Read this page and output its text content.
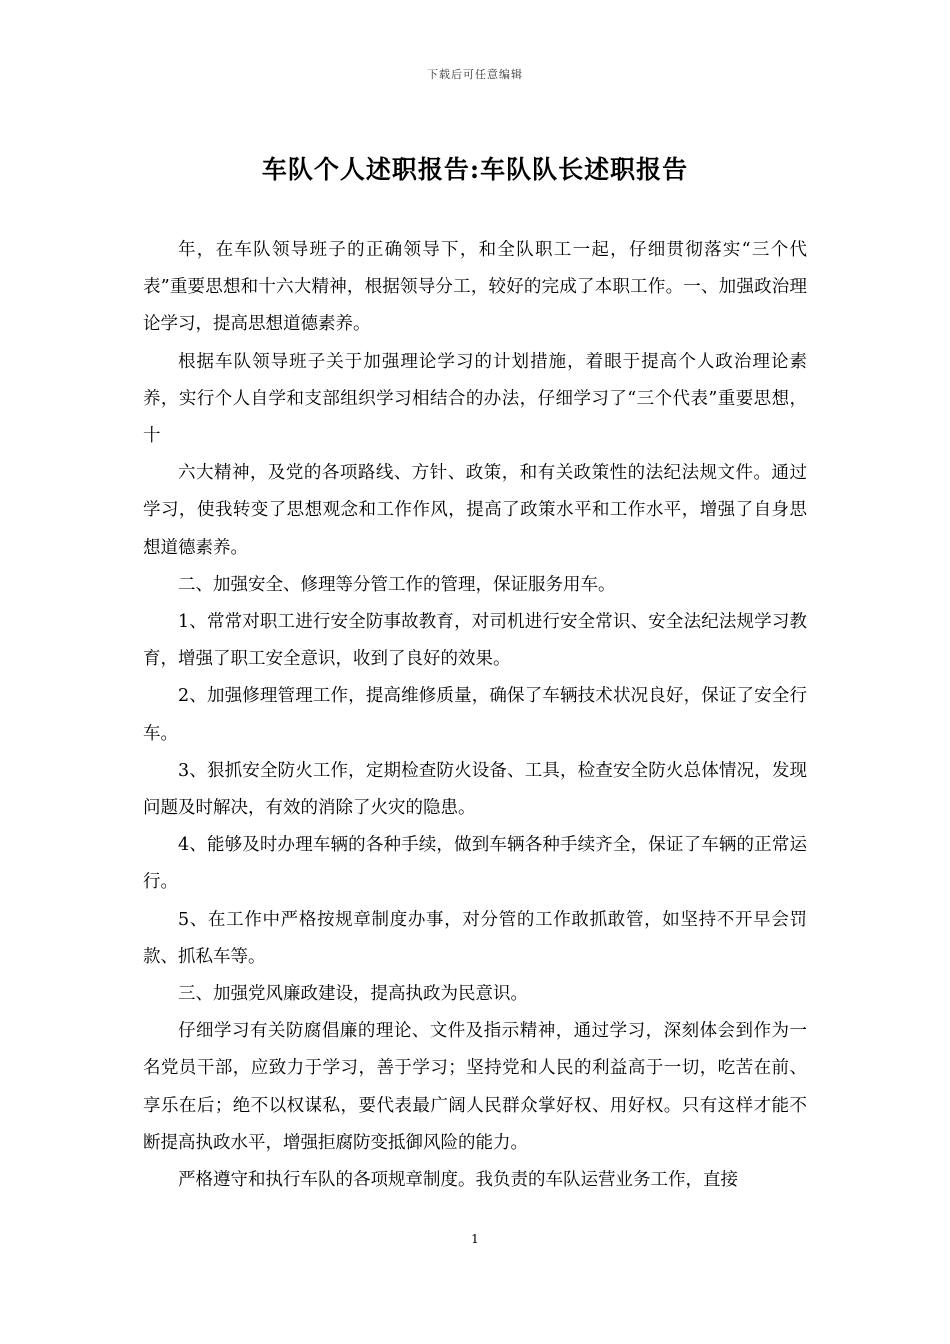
下载后可任意编辑
车队个人述职报告:车队队长述职报告

年，在车队领导班子的正确领导下，和全队职工一起，仔细贯彻落实“三个代表”重要思想和十六大精神，根据领导分工，较好的完成了本职工作。一、加强政治理论学习，提高思想道德素养。

根据车队领导班子关于加强理论学习的计划措施，着眼于提高个人政治理论素养，实行个人自学和支部组织学习相结合的办法，仔细学习了“三个代表”重要思想，十

六大精神，及党的各项路线、方针、政策，和有关政策性的法纪法规文件。通过学习，使我转变了思想观念和工作作风，提高了政策水平和工作水平，增强了自身思想道德素养。

二、加强安全、修理等分管工作的管理，保证服务用车。

1、常常对职工进行安全防事故教育，对司机进行安全常识、安全法纪法规学习教育，增强了职工安全意识，收到了良好的效果。

2、加强修理管理工作，提高维修质量，确保了车辆技术状况良好，保证了安全行车。

3、狠抓安全防火工作，定期检查防火设备、工具，检查安全防火总体情况，发现问题及时解决，有效的消除了火灾的隐患。

4、能够及时办理车辆的各种手续，做到车辆各种手续齐全，保证了车辆的正常运行。

5、在工作中严格按规章制度办事，对分管的工作敢抓敢管，如坚持不开早会罚款、抓私车等。

三、加强党风廉政建设，提高执政为民意识。

仔细学习有关防腐倡廉的理论、文件及指示精神，通过学习，深刻体会到作为一名党员干部，应致力于学习，善于学习；坚持党和人民的利益高于一切，吃苦在前、享乐在后；绝不以权谋私，要代表最广阔人民群众掌好权、用好权。只有这样才能不断提高执政水平，增强拒腐防变抵御风险的能力。

严格遵守和执行车队的各项规章制度。我负责的车队运营业务工作，直接

1
